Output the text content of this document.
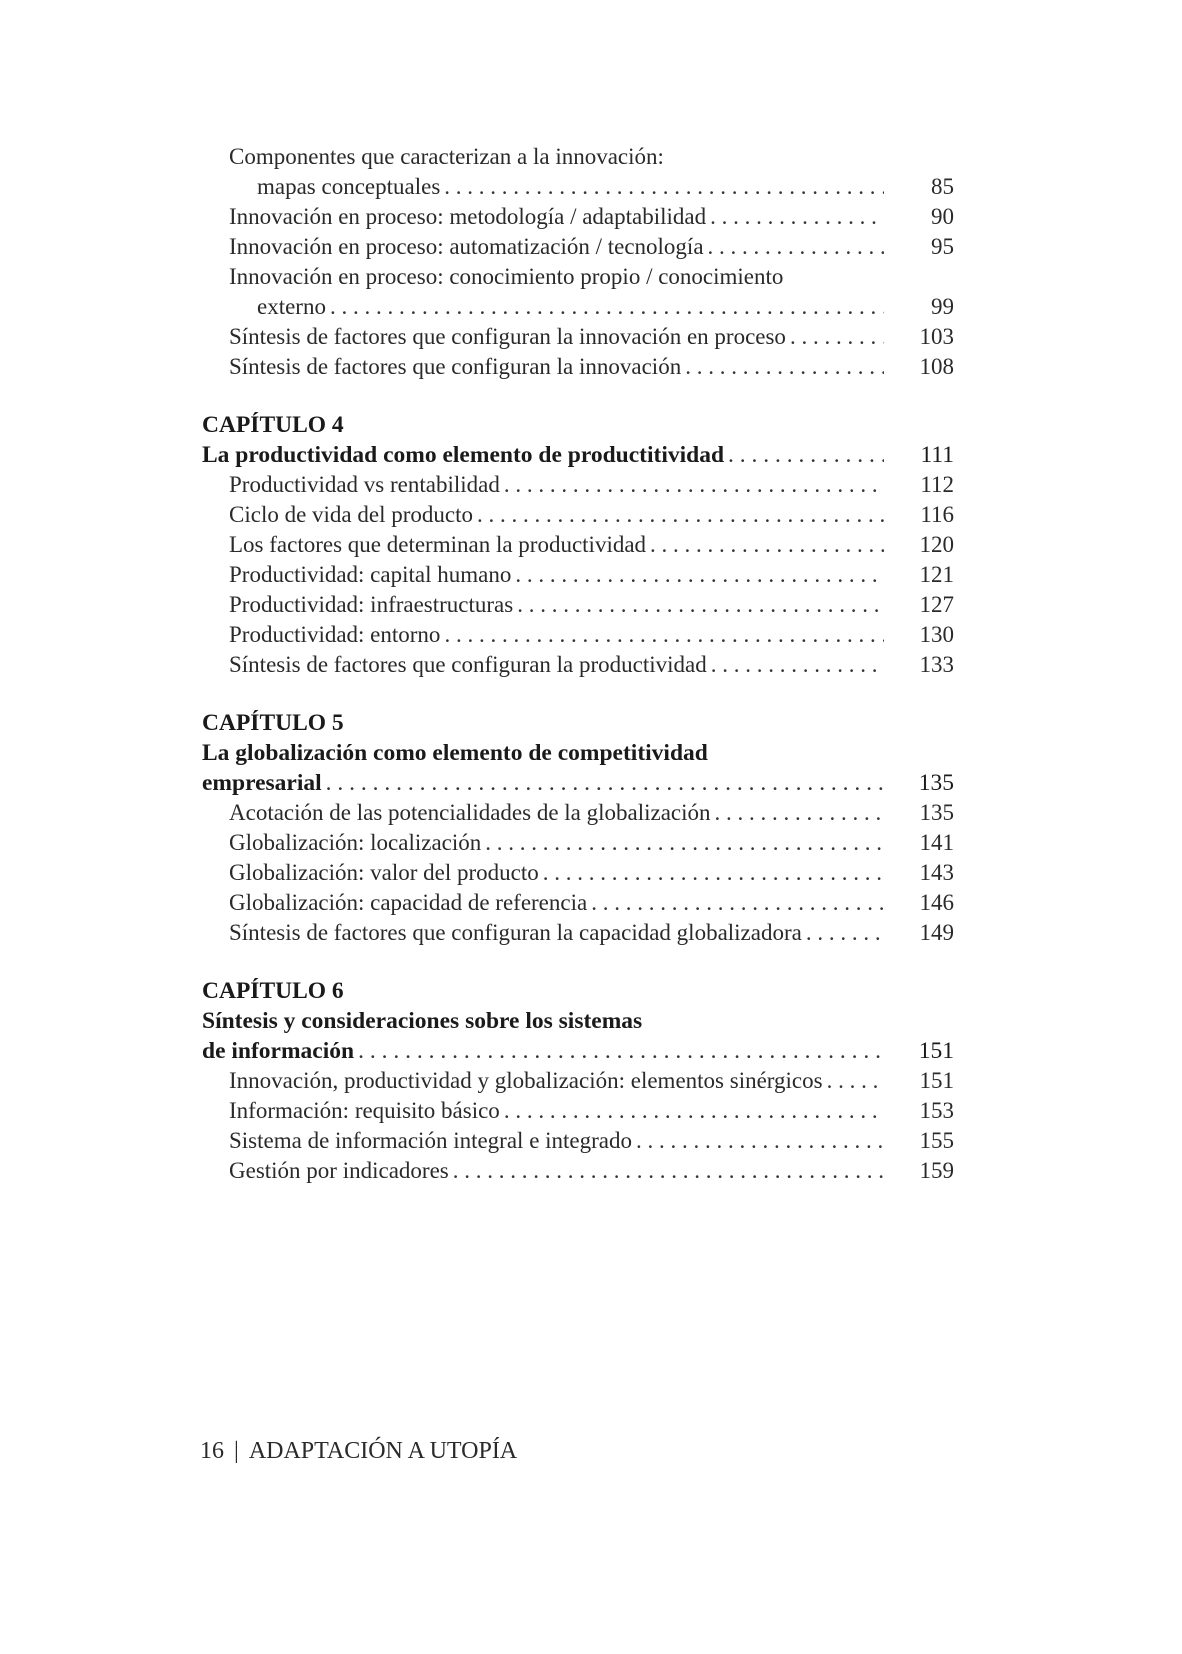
Componentes que caracterizan a la innovación:
mapas conceptuales . . .	85
Innovación en proceso: metodología / adaptabilidad . . .	90
Innovación en proceso: automatización / tecnología . . .	95
Innovación en proceso: conocimiento propio / conocimiento
externo . . .	99
Síntesis de factores que configuran la innovación en proceso . . .	103
Síntesis de factores que configuran la innovación . . .	108
CAPÍTULO 4
La productividad como elemento de productitividad . . .	111
Productividad vs rentabilidad . . .	112
Ciclo de vida del producto . . .	116
Los factores que determinan la productividad . . .	120
Productividad: capital humano . . .	121
Productividad: infraestructuras . . .	127
Productividad: entorno . . .	130
Síntesis de factores que configuran la productividad . . .	133
CAPÍTULO 5
La globalización como elemento de competitividad
empresarial . . .	135
Acotación de las potencialidades de la globalización . . .	135
Globalización: localización . . .	141
Globalización: valor del producto . . .	143
Globalización: capacidad de referencia . . .	146
Síntesis de factores que configuran la capacidad globalizadora . . .	149
CAPÍTULO 6
Síntesis y consideraciones sobre los sistemas
de información . . .	151
Innovación, productividad y globalización: elementos sinérgicos . . .	151
Información: requisito básico . . .	153
Sistema de información integral e integrado . . .	155
Gestión por indicadores . . .	159
16 | ADAPTACIÓN A UTOPÍA
